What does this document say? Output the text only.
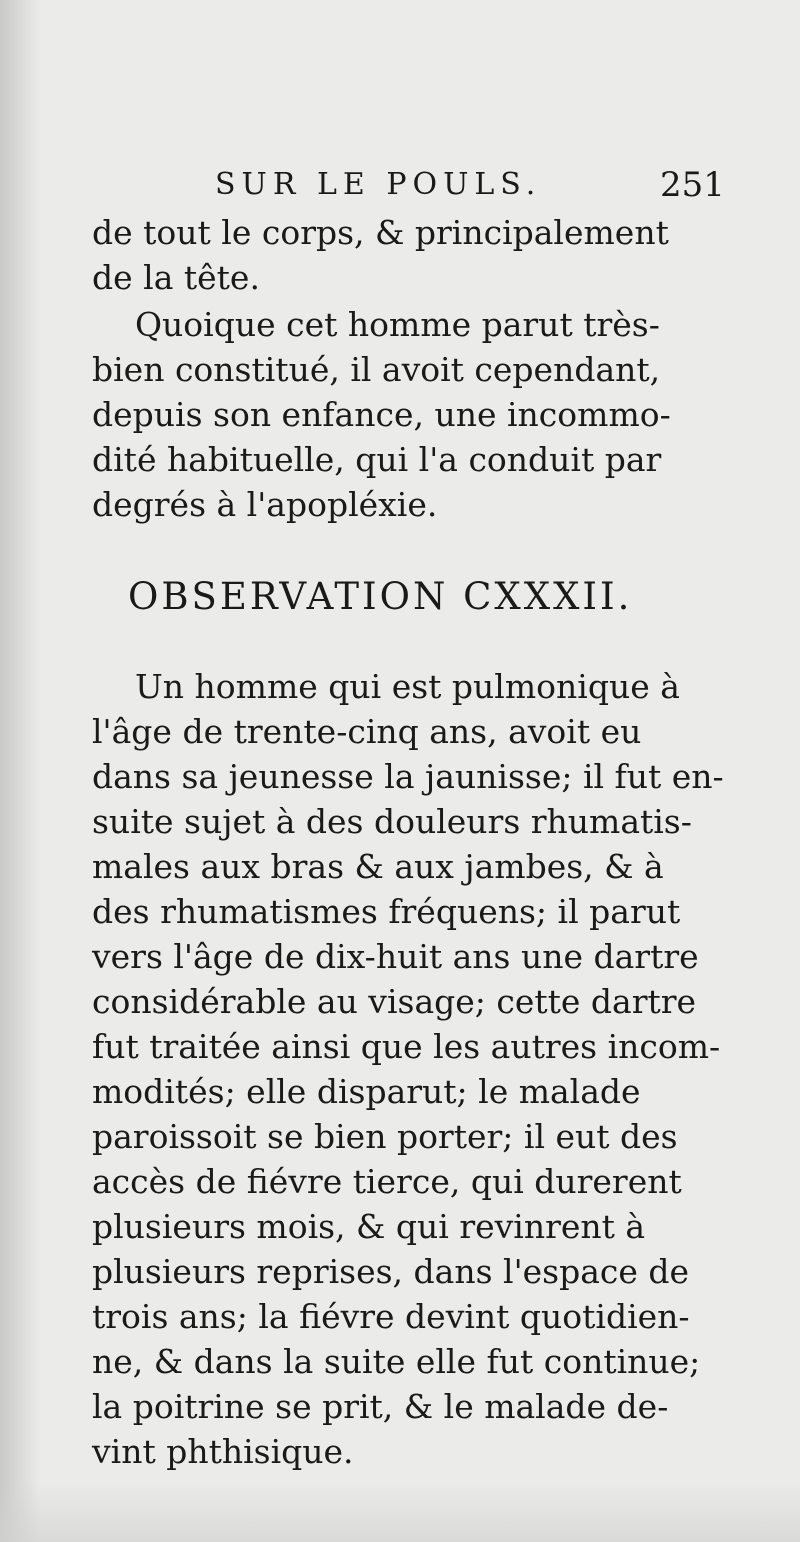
SUR LE POULS.	251
de tout le corps, & principalement
de la tête.
Quoique cet homme parut très-
bien constitué, il avoit cependant,
depuis son enfance, une incommo-
dité habituelle, qui l'a conduit par
degrés à l'apopléxie.
OBSERVATION CXXXII.
Un homme qui est pulmonique à
l'âge de trente-cinq ans, avoit eu
dans sa jeunesse la jaunisse; il fut en-
suite sujet à des douleurs rhumatis-
males aux bras & aux jambes, & à
des rhumatismes fréquens; il parut
vers l'âge de dix-huit ans une dartre
considérable au visage; cette dartre
fut traitée ainsi que les autres incom-
modités; elle disparut; le malade
paroissoit se bien porter; il eut des
accès de fiévre tierce, qui durerent
plusieurs mois, & qui revinrent à
plusieurs reprises, dans l'espace de
trois ans; la fiévre devint quotidien-
ne, & dans la suite elle fut continue;
la poitrine se prit, & le malade de-
vint phthisique.
